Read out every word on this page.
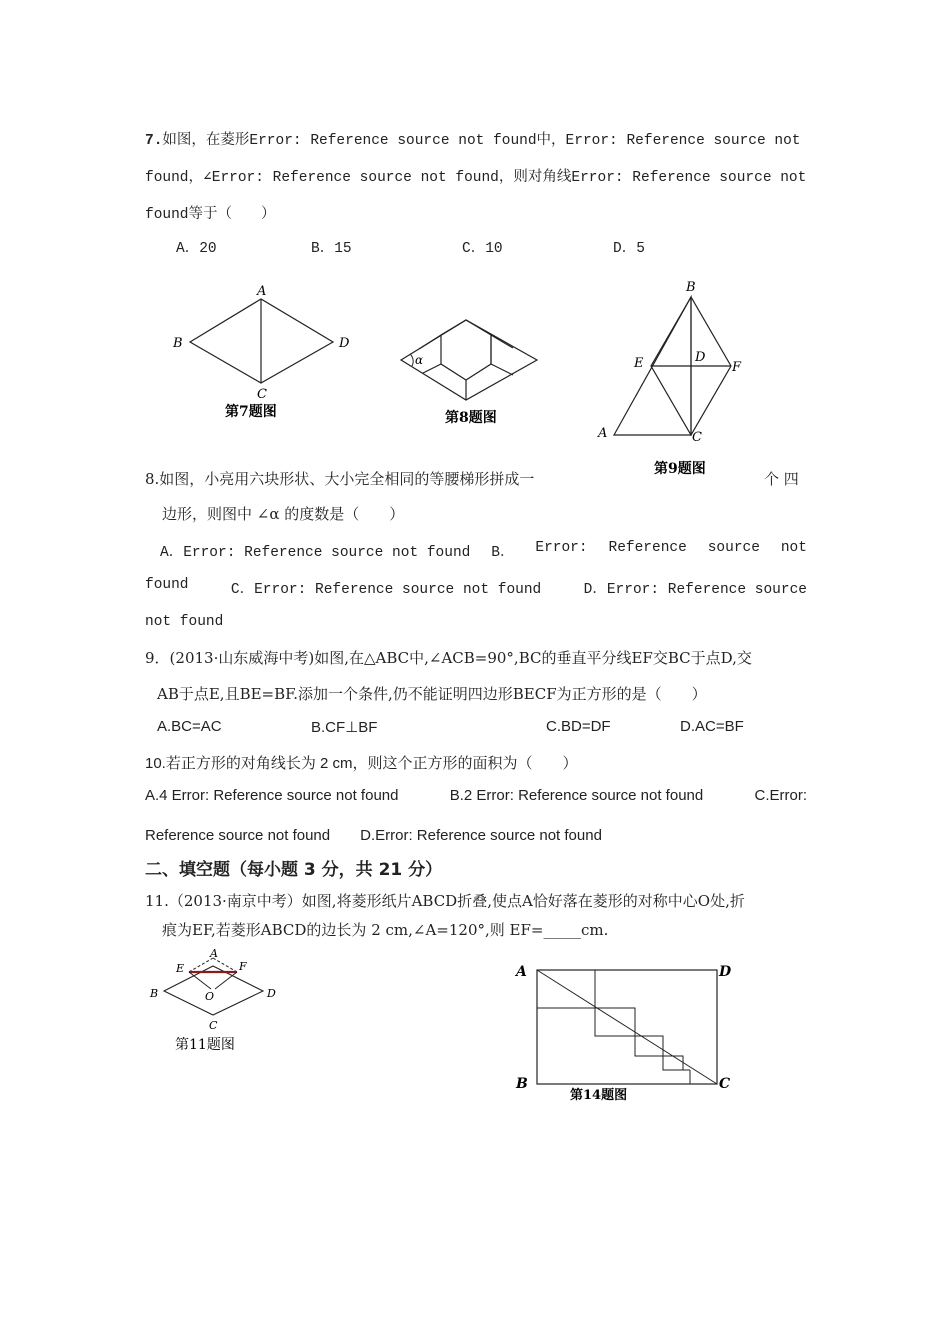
7.如图，在菱形Error: Reference source not found中，Error: Reference source not
found，∠Error: Reference source not found，则对角线Error: Reference source not
found等于（　　）
A．20	B．15	C．10	D．5
A
B
C
D
第7题图
α
第8题图
B
E	D
F
A	C
第9题图
8.如图，小亮用六块形状、大小完全相同的等腰梯形拼成一	个 四
边形，则图中 ∠α 的度数是（　　）
A．Error: Reference source not found B． Error: Reference source not
found	C．Error: Reference source not found	D．Error: Reference source
not found
9．(2013·山东威海中考)如图,在△ABC中,∠ACB=90°,BC的垂直平分线EF交BC于点D,交
AB于点E,且BE=BF.添加一个条件,仍不能证明四边形BECF为正方形的是（　　）
A.BC=AC	B.CF⊥BF	C.BD=DF	D.AC=BF
10.若正方形的对角线长为 2 cm，则这个正方形的面积为（　　）
A.4 Error: Reference source not found	B.2 Error: Reference source not found	C.Error:
Reference source not found　　D.Error: Reference source not found
二、填空题（每小题 3 分，共 21 分）
11.（2013·南京中考）如图,将菱形纸片ABCD折叠,使点A恰好落在菱形的对称中心O处,折
痕为EF,若菱形ABCD的边长为 2 cm,∠A=120°,则 EF=_____cm.
A
E	F
B	O	D
C
第11题图
A	D
B	C
第14题图
